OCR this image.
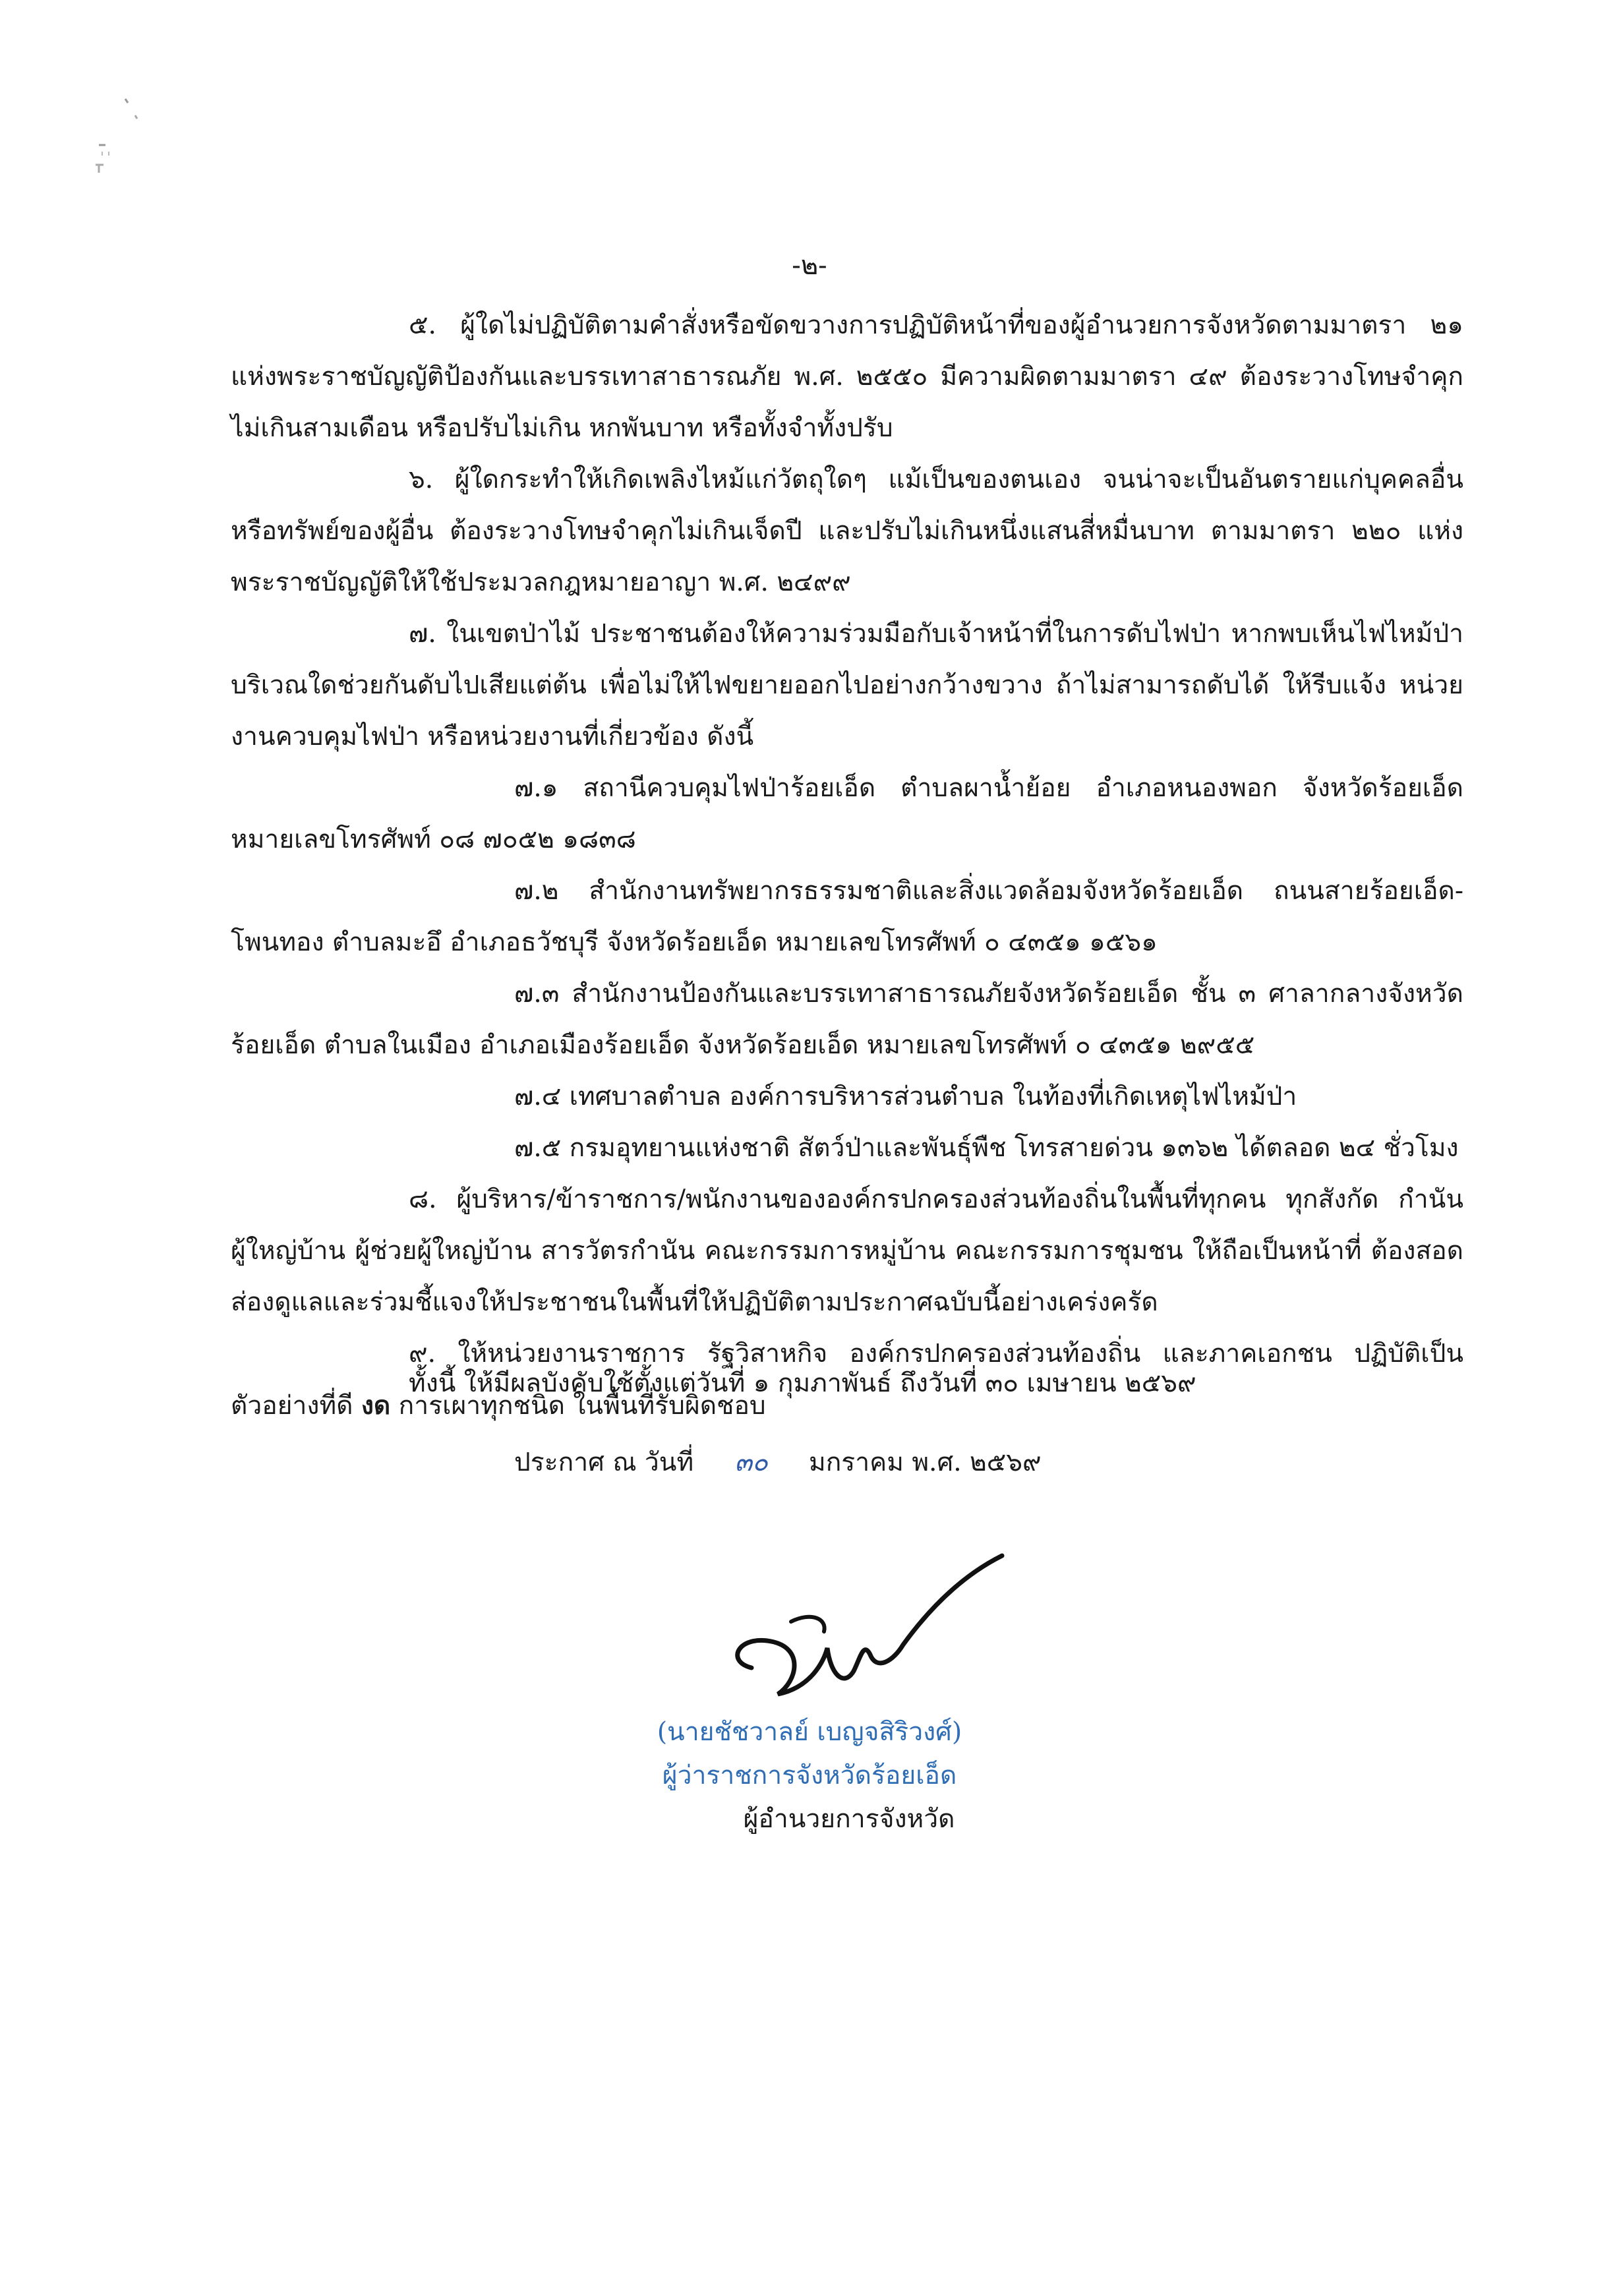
-๒-

๕. ผู้ใดไม่ปฏิบัติตามคำสั่งหรือขัดขวางการปฏิบัติหน้าที่ของผู้อำนวยการจังหวัดตามมาตรา ๒๑ แห่งพระราชบัญญัติป้องกันและบรรเทาสาธารณภัย พ.ศ. ๒๕๕๐ มีความผิดตามมาตรา ๔๙ ต้องระวางโทษจำคุก ไม่เกินสามเดือน หรือปรับไม่เกิน หกพันบาท หรือทั้งจำทั้งปรับ

๖. ผู้ใดกระทำให้เกิดเพลิงไหม้แก่วัตถุใดๆ แม้เป็นของตนเอง จนน่าจะเป็นอันตรายแก่บุคคลอื่น หรือทรัพย์ของผู้อื่น ต้องระวางโทษจำคุกไม่เกินเจ็ดปี และปรับไม่เกินหนึ่งแสนสี่หมื่นบาท ตามมาตรา ๒๒๐ แห่งพระราชบัญญัติให้ใช้ประมวลกฎหมายอาญา พ.ศ. ๒๔๙๙

๗. ในเขตป่าไม้ ประชาชนต้องให้ความร่วมมือกับเจ้าหน้าที่ในการดับไฟป่า หากพบเห็นไฟไหม้ป่า บริเวณใดช่วยกันดับไปเสียแต่ต้น เพื่อไม่ให้ไฟขยายออกไปอย่างกว้างขวาง ถ้าไม่สามารถดับได้ ให้รีบแจ้ง หน่วยงานควบคุมไฟป่า หรือหน่วยงานที่เกี่ยวข้อง ดังนี้

๗.๑ สถานีควบคุมไฟป่าร้อยเอ็ด ตำบลผาน้ำย้อย อำเภอหนองพอก จังหวัดร้อยเอ็ด หมายเลขโทรศัพท์ ๐๘ ๗๐๕๒ ๑๘๓๘

๗.๒ สำนักงานทรัพยากรธรรมชาติและสิ่งแวดล้อมจังหวัดร้อยเอ็ด ถนนสายร้อยเอ็ด-โพนทอง ตำบลมะอึ อำเภอธวัชบุรี จังหวัดร้อยเอ็ด หมายเลขโทรศัพท์ ๐ ๔๓๕๑ ๑๕๖๑

๗.๓ สำนักงานป้องกันและบรรเทาสาธารณภัยจังหวัดร้อยเอ็ด ชั้น ๓ ศาลากลางจังหวัดร้อยเอ็ด ตำบลในเมือง อำเภอเมืองร้อยเอ็ด จังหวัดร้อยเอ็ด หมายเลขโทรศัพท์ ๐ ๔๓๕๑ ๒๙๕๕

๗.๔ เทศบาลตำบล องค์การบริหารส่วนตำบล ในท้องที่เกิดเหตุไฟไหม้ป่า

๗.๕ กรมอุทยานแห่งชาติ สัตว์ป่าและพันธุ์พืช โทรสายด่วน ๑๓๖๒ ได้ตลอด ๒๔ ชั่วโมง

๘. ผู้บริหาร/ข้าราชการ/พนักงานขององค์กรปกครองส่วนท้องถิ่นในพื้นที่ทุกคน ทุกสังกัด กำนัน ผู้ใหญ่บ้าน ผู้ช่วยผู้ใหญ่บ้าน สารวัตรกำนัน คณะกรรมการหมู่บ้าน คณะกรรมการชุมชน ให้ถือเป็นหน้าที่ ต้องสอดส่องดูแลและร่วมชี้แจงให้ประชาชนในพื้นที่ให้ปฏิบัติตามประกาศฉบับนี้อย่างเคร่งครัด

๙. ให้หน่วยงานราชการ รัฐวิสาหกิจ องค์กรปกครองส่วนท้องถิ่น และภาคเอกชน ปฏิบัติเป็น ตัวอย่างที่ดี งด การเผาทุกชนิด ในพื้นที่รับผิดชอบ

ทั้งนี้ ให้มีผลบังคับใช้ตั้งแต่วันที่ ๑ กุมภาพันธ์ ถึงวันที่ ๓๐ เมษายน ๒๕๖๙
ประกาศ ณ วันที่ ๓๐ มกราคม พ.ศ. ๒๕๖๙
(นายชัชวาลย์ เบญจสิริวงศ์)
ผู้ว่าราชการจังหวัดร้อยเอ็ด
ผู้อำนวยการจังหวัด
